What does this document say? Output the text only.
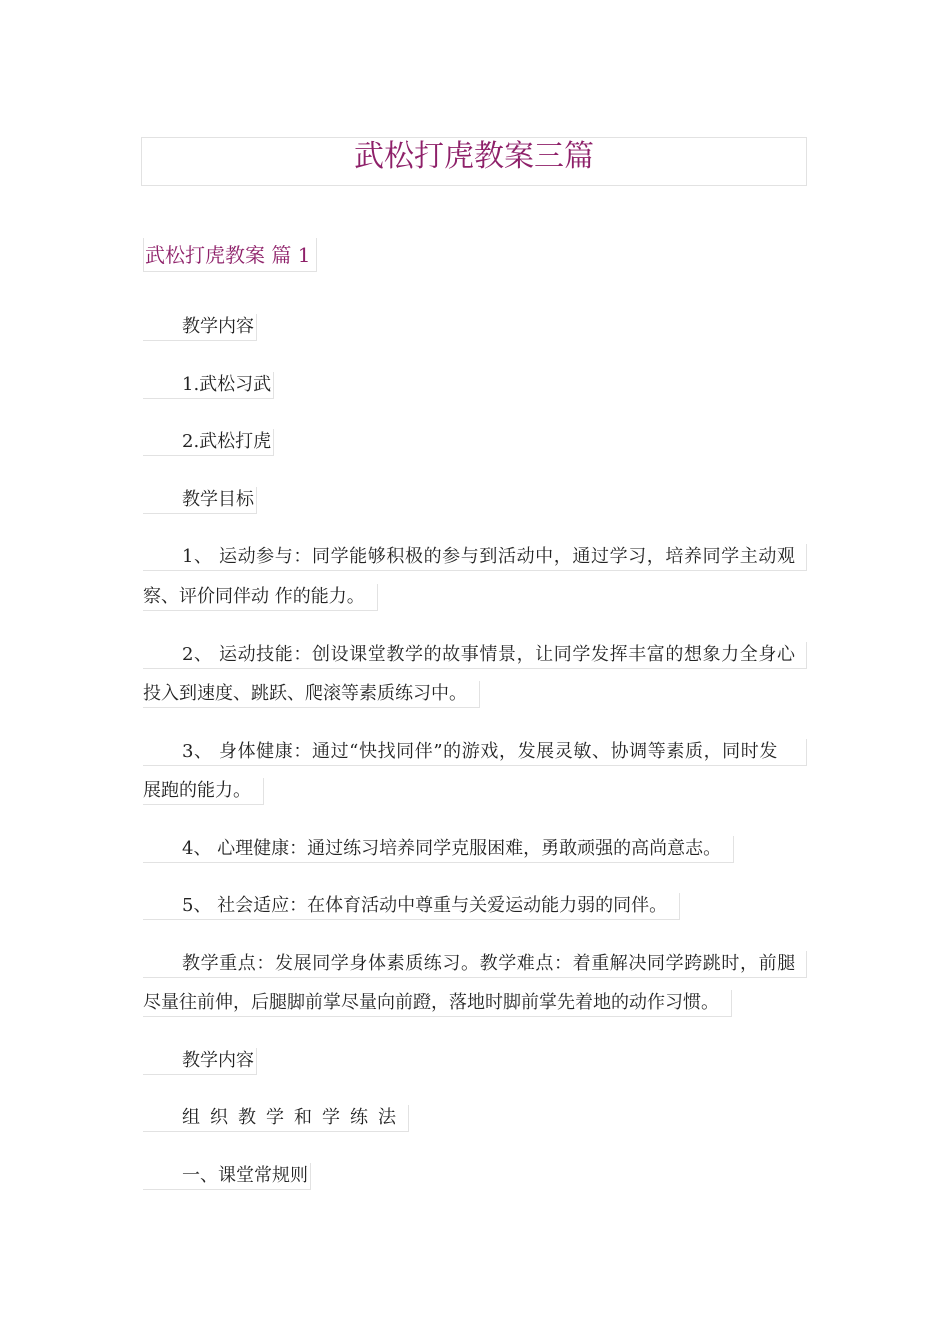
武松打虎教案三篇
武松打虎教案 篇 1
教学内容
1.武松习武
2.武松打虎
教学目标
1、 运动参与：同学能够积极的参与到活动中，通过学习，培养同学主动观
察、评价同伴动 作的能力。
2、 运动技能：创设课堂教学的故事情景，让同学发挥丰富的想象力全身心
投入到速度、跳跃、爬滚等素质练习中。
3、 身体健康：通过“快找同伴”的游戏，发展灵敏、协调等素质，同时发
展跑的能力。
4、 心理健康：通过练习培养同学克服困难，勇敢顽强的高尚意志。
5、 社会适应：在体育活动中尊重与关爱运动能力弱的同伴。
教学重点：发展同学身体素质练习。教学难点：着重解决同学跨跳时，前腿
尽量往前伸，后腿脚前掌尽量向前蹬，落地时脚前掌先着地的动作习惯。
教学内容
组织教学和学练法
一、课堂常规则
